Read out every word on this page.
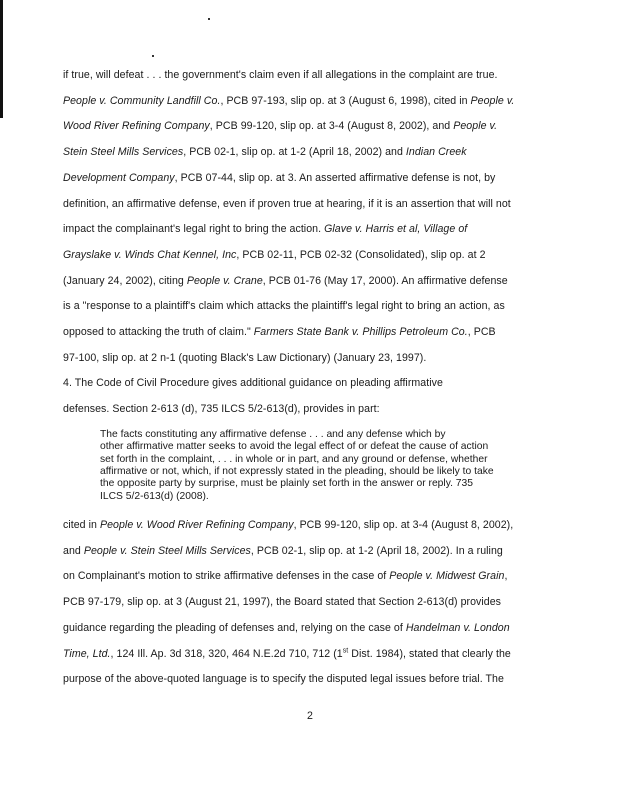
if true, will defeat . . . the government's claim even if all allegations in the complaint are true.
People v. Community Landfill Co., PCB 97-193, slip op. at 3 (August 6, 1998), cited in People v.
Wood River Refining Company, PCB 99-120, slip op. at 3-4 (August 8, 2002), and People v.
Stein Steel Mills Services, PCB 02-1, slip op. at 1-2 (April 18, 2002) and Indian Creek
Development Company, PCB 07-44, slip op. at 3. An asserted affirmative defense is not, by
definition, an affirmative defense, even if proven true at hearing, if it is an assertion that will not
impact the complainant's legal right to bring the action. Glave v. Harris et al, Village of
Grayslake v. Winds Chat Kennel, Inc, PCB 02-11, PCB 02-32 (Consolidated), slip op. at 2
(January 24, 2002), citing People v. Crane, PCB 01-76 (May 17, 2000). An affirmative defense
is a "response to a plaintiff's claim which attacks the plaintiff's legal right to bring an action, as
opposed to attacking the truth of claim." Farmers State Bank v. Phillips Petroleum Co., PCB
97-100, slip op. at 2 n-1 (quoting Black's Law Dictionary) (January 23, 1997).
4. The Code of Civil Procedure gives additional guidance on pleading affirmative
defenses. Section 2-613 (d), 735 ILCS 5/2-613(d), provides in part:
The facts constituting any affirmative defense . . . and any defense which by
other affirmative matter seeks to avoid the legal effect of or defeat the cause of action
set forth in the complaint, . . . in whole or in part, and any ground or defense, whether
affirmative or not, which, if not expressly stated in the pleading, should be likely to take
the opposite party by surprise, must be plainly set forth in the answer or reply. 735
ILCS 5/2-613(d) (2008).
cited in People v. Wood River Refining Company, PCB 99-120, slip op. at 3-4 (August 8, 2002),
and People v. Stein Steel Mills Services, PCB 02-1, slip op. at 1-2 (April 18, 2002). In a ruling
on Complainant's motion to strike affirmative defenses in the case of People v. Midwest Grain,
PCB 97-179, slip op. at 3 (August 21, 1997), the Board stated that Section 2-613(d) provides
guidance regarding the pleading of defenses and, relying on the case of Handelman v. London
Time, Ltd., 124 Ill. Ap. 3d 318, 320, 464 N.E.2d 710, 712 (1st Dist. 1984), stated that clearly the
purpose of the above-quoted language is to specify the disputed legal issues before trial. The
2
